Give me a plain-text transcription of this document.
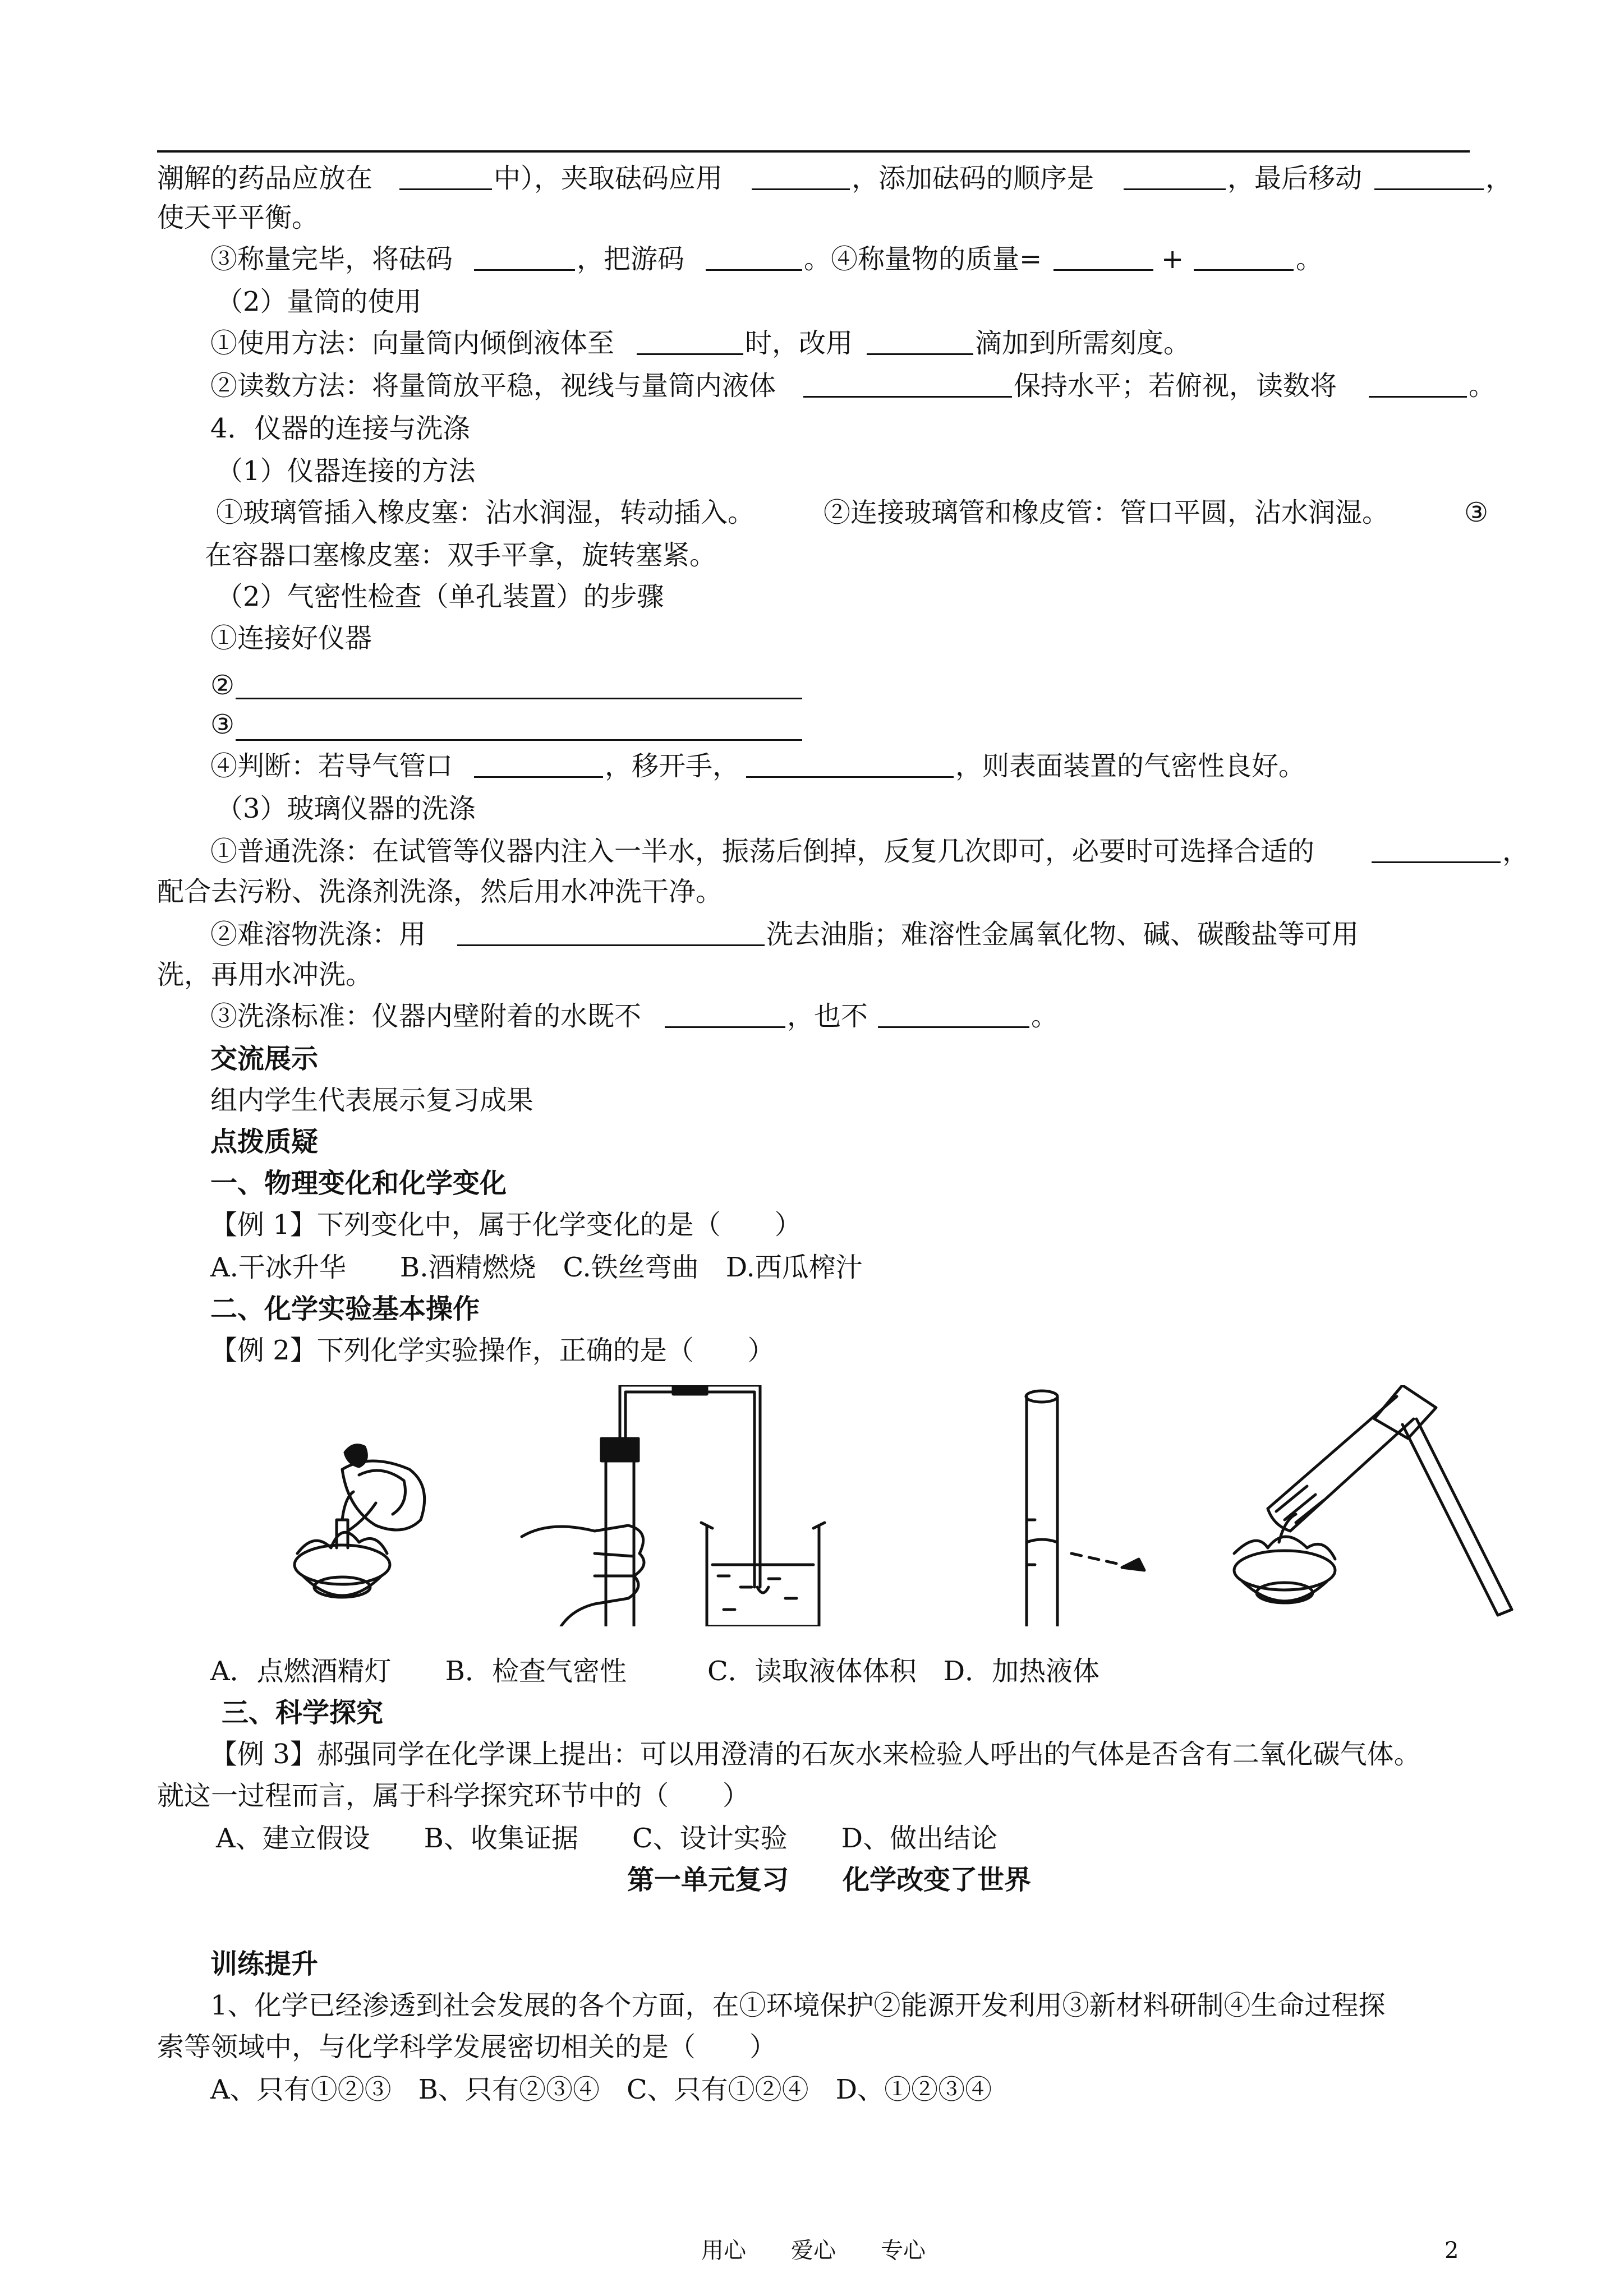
潮解的药品应放在	中），夹取砝码应用	，添加砝码的顺序是	，最后移动	，
使天平平衡。
③称量完毕，将砝码	，把游码	。④称量物的质量=	+	。
（2）量筒的使用
①使用方法：向量筒内倾倒液体至	时，改用	滴加到所需刻度。
②读数方法：将量筒放平稳，视线与量筒内液体	保持水平；若俯视，读数将	。
4．仪器的连接与洗涤
（1）仪器连接的方法
①玻璃管插入橡皮塞：沾水润湿，转动插入。	②连接玻璃管和橡皮管：管口平圆，沾水润湿。	③
在容器口塞橡皮塞：双手平拿，旋转塞紧。
（2）气密性检查（单孔装置）的步骤
①连接好仪器
②
③
④判断：若导气管口	，移开手，	，则表面装置的气密性良好。
（3）玻璃仪器的洗涤
①普通洗涤：在试管等仪器内注入一半水，振荡后倒掉，反复几次即可，必要时可选择合适的	，
配合去污粉、洗涤剂洗涤，然后用水冲洗干净。
②难溶物洗涤：用	洗去油脂；难溶性金属氧化物、碱、碳酸盐等可用
洗，再用水冲洗。
③洗涤标准：仪器内壁附着的水既不	，也不	。
交流展示
组内学生代表展示复习成果
点拨质疑
一、物理变化和化学变化
【例 1】下列变化中，属于化学变化的是（　　）
A.干冰升华　　B.酒精燃烧　C.铁丝弯曲　D.西瓜榨汁
二、化学实验基本操作
【例 2】下列化学实验操作，正确的是（　　）
A．点燃酒精灯　　B．检查气密性　　　C．读取液体体积　D．加热液体
三、科学探究
【例 3】郝强同学在化学课上提出：可以用澄清的石灰水来检验人呼出的气体是否含有二氧化碳气体。
就这一过程而言，属于科学探究环节中的（　　）
A、建立假设　　B、收集证据　　C、设计实验　　D、做出结论
第一单元复习　　化学改变了世界
训练提升
1、化学已经渗透到社会发展的各个方面，在①环境保护②能源开发利用③新材料研制④生命过程探
索等领域中，与化学科学发展密切相关的是（　　）
A、只有①②③　B、只有②③④　C、只有①②④　D、①②③④
用心　　爱心　　专心	2
